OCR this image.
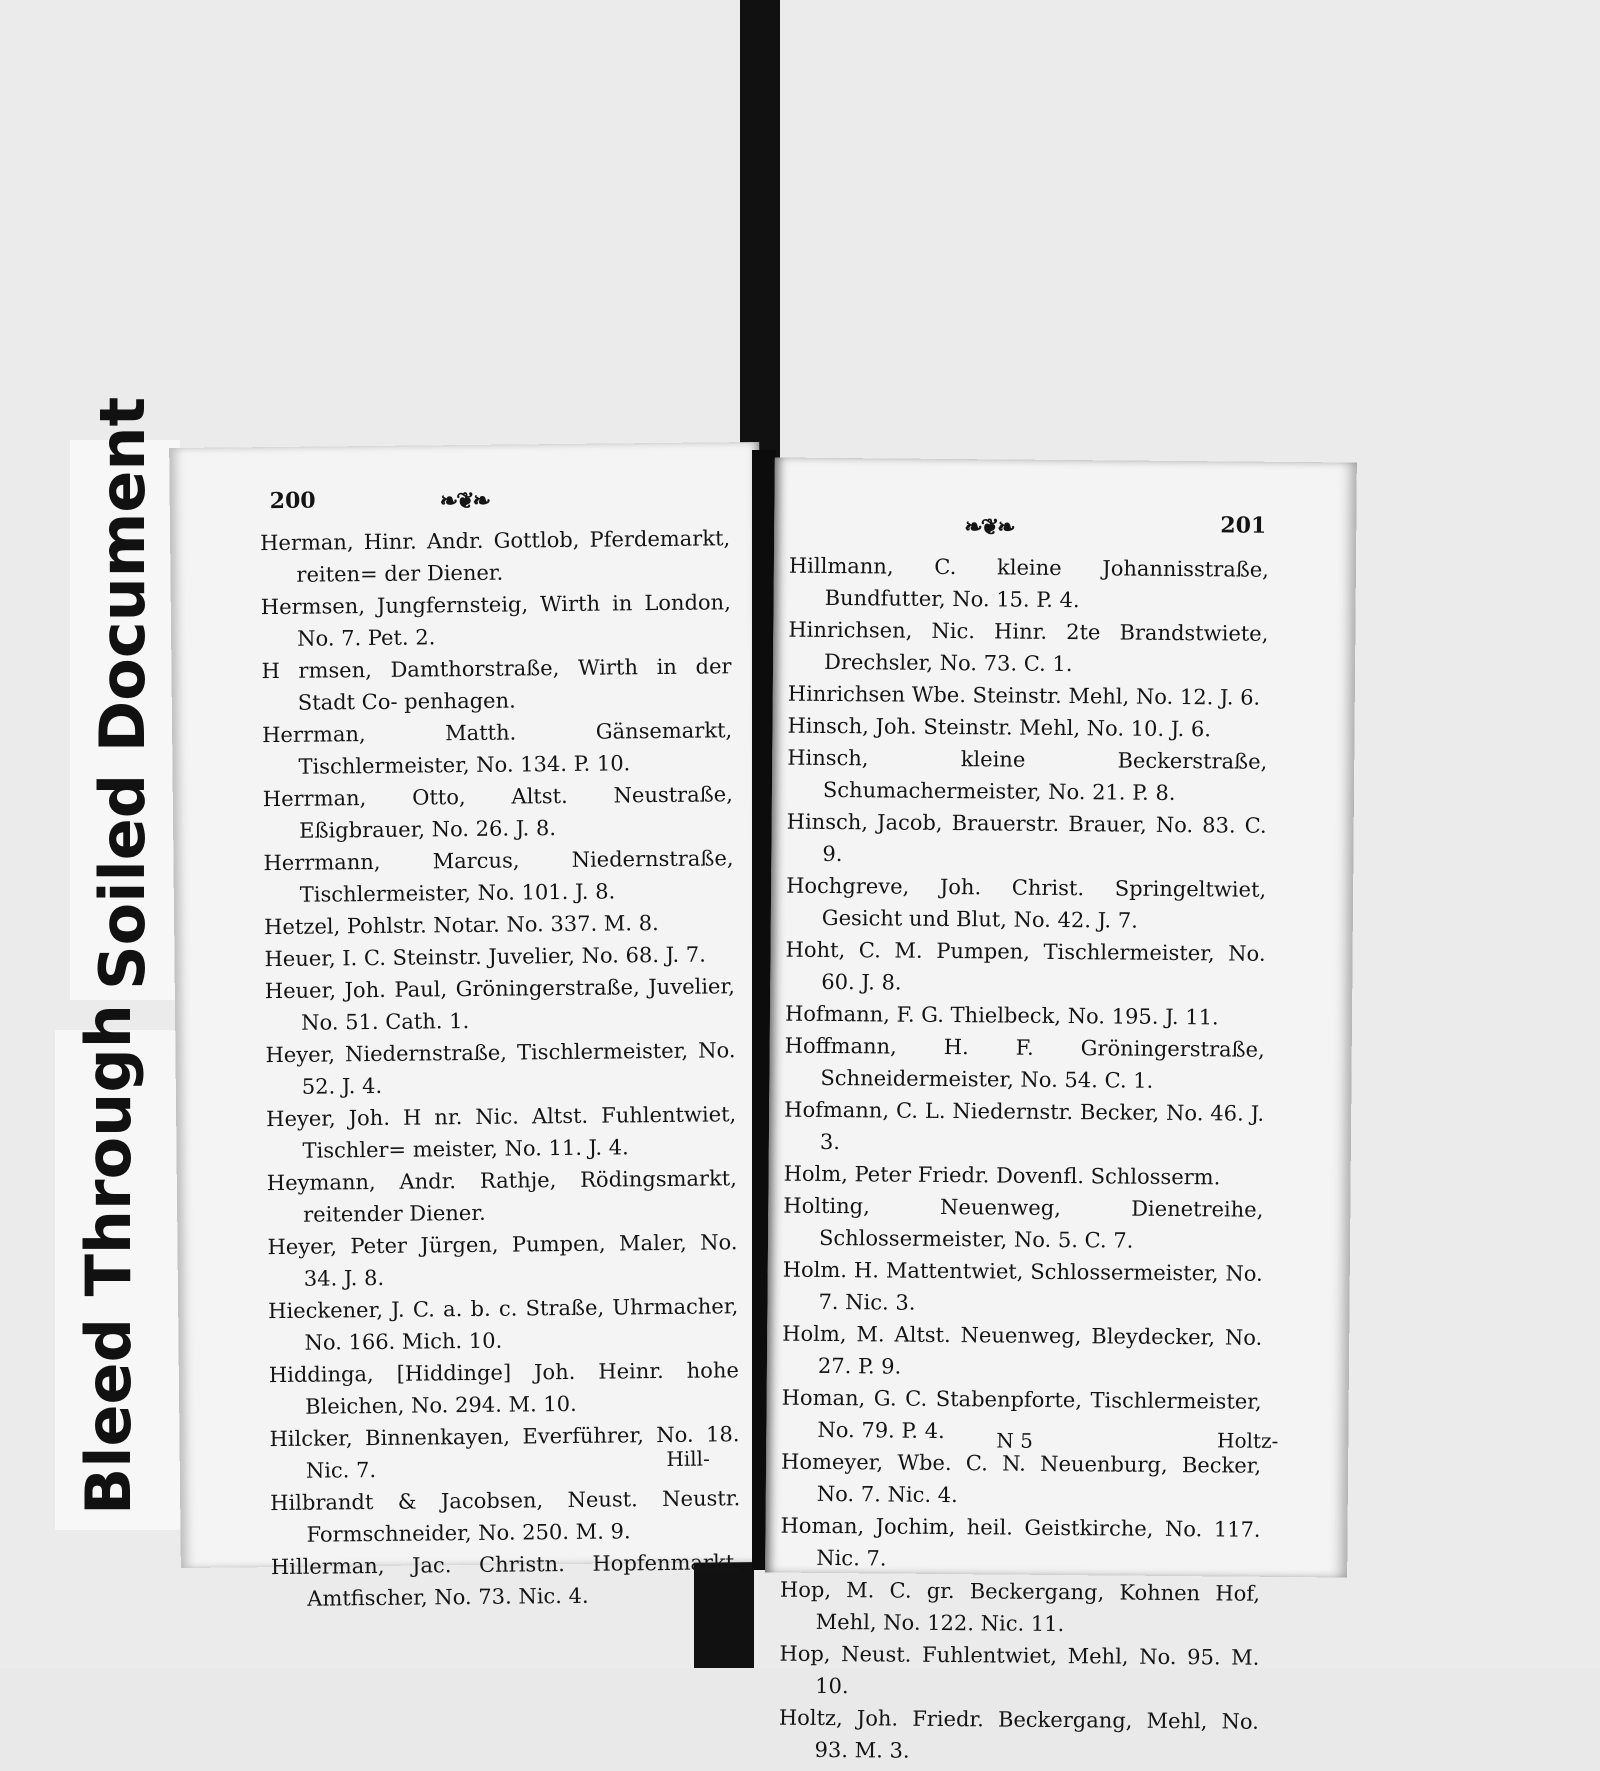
Soiled Document
Bleed Through
200	❧❦❧

Herman, Hinr. Andr. Gottlob, Pferdemarkt, reiten= der Diener.

Hermsen, Jungfernsteig, Wirth in London, No. 7. Pet. 2.

H rmsen, Damthorstraße, Wirth in der Stadt Co- penhagen.

Herrman, Matth. Gänsemarkt, Tischlermeister, No. 134. P. 10.

Herrman, Otto, Altst. Neustraße, Eßigbrauer, No. 26. J. 8.

Herrmann, Marcus, Niedernstraße, Tischlermeister, No. 101. J. 8.

Hetzel, Pohlstr. Notar. No. 337. M. 8.

Heuer, I. C. Steinstr. Juvelier, No. 68. J. 7.

Heuer, Joh. Paul, Gröningerstraße, Juvelier, No. 51. Cath. 1.

Heyer, Niedernstraße, Tischlermeister, No. 52. J. 4.

Heyer, Joh. H nr. Nic. Altst. Fuhlentwiet, Tischler= meister, No. 11. J. 4.

Heymann, Andr. Rathje, Rödingsmarkt, reitender Diener.

Heyer, Peter Jürgen, Pumpen, Maler, No. 34. J. 8.

Hieckener, J. C. a. b. c. Straße, Uhrmacher, No. 166. Mich. 10.

Hiddinga, [Hiddinge] Joh. Heinr. hohe Bleichen, No. 294. M. 10.

Hilcker, Binnenkayen, Everführer, No. 18. Nic. 7.

Hilbrandt & Jacobsen, Neust. Neustr. Formschneider, No. 250. M. 9.

Hillerman, Jac. Christn. Hopfenmarkt, Amtfischer, No. 73. Nic. 4.

Hill-
❧❦❧	201

Hillmann, C. kleine Johannisstraße, Bundfutter, No. 15. P. 4.

Hinrichsen, Nic. Hinr. 2te Brandstwiete, Drechsler, No. 73. C. 1.

Hinrichsen Wbe. Steinstr. Mehl, No. 12. J. 6.

Hinsch, Joh. Steinstr. Mehl, No. 10. J. 6.

Hinsch, kleine Beckerstraße, Schumachermeister, No. 21. P. 8.

Hinsch, Jacob, Brauerstr. Brauer, No. 83. C. 9.

Hochgreve, Joh. Christ. Springeltwiet, Gesicht und Blut, No. 42. J. 7.

Hoht, C. M. Pumpen, Tischlermeister, No. 60. J. 8.

Hofmann, F. G. Thielbeck, No. 195. J. 11.

Hoffmann, H. F. Gröningerstraße, Schneidermeister, No. 54. C. 1.

Hofmann, C. L. Niedernstr. Becker, No. 46. J. 3.

Holm, Peter Friedr. Dovenfl. Schlosserm.

Holting, Neuenweg, Dienetreihe, Schlossermeister, No. 5. C. 7.

Holm. H. Mattentwiet, Schlossermeister, No. 7. Nic. 3.

Holm, M. Altst. Neuenweg, Bleydecker, No. 27. P. 9.

Homan, G. C. Stabenpforte, Tischlermeister, No. 79. P. 4.

Homeyer, Wbe. C. N. Neuenburg, Becker, No. 7. Nic. 4.

Homan, Jochim, heil. Geistkirche, No. 117. Nic. 7.

Hop, M. C. gr. Beckergang, Kohnen Hof, Mehl, No. 122. Nic. 11.

Hop, Neust. Fuhlentwiet, Mehl, No. 95. M. 10.

Holtz, Joh. Friedr. Beckergang, Mehl, No. 93. M. 3.

N 5	Holtz-
